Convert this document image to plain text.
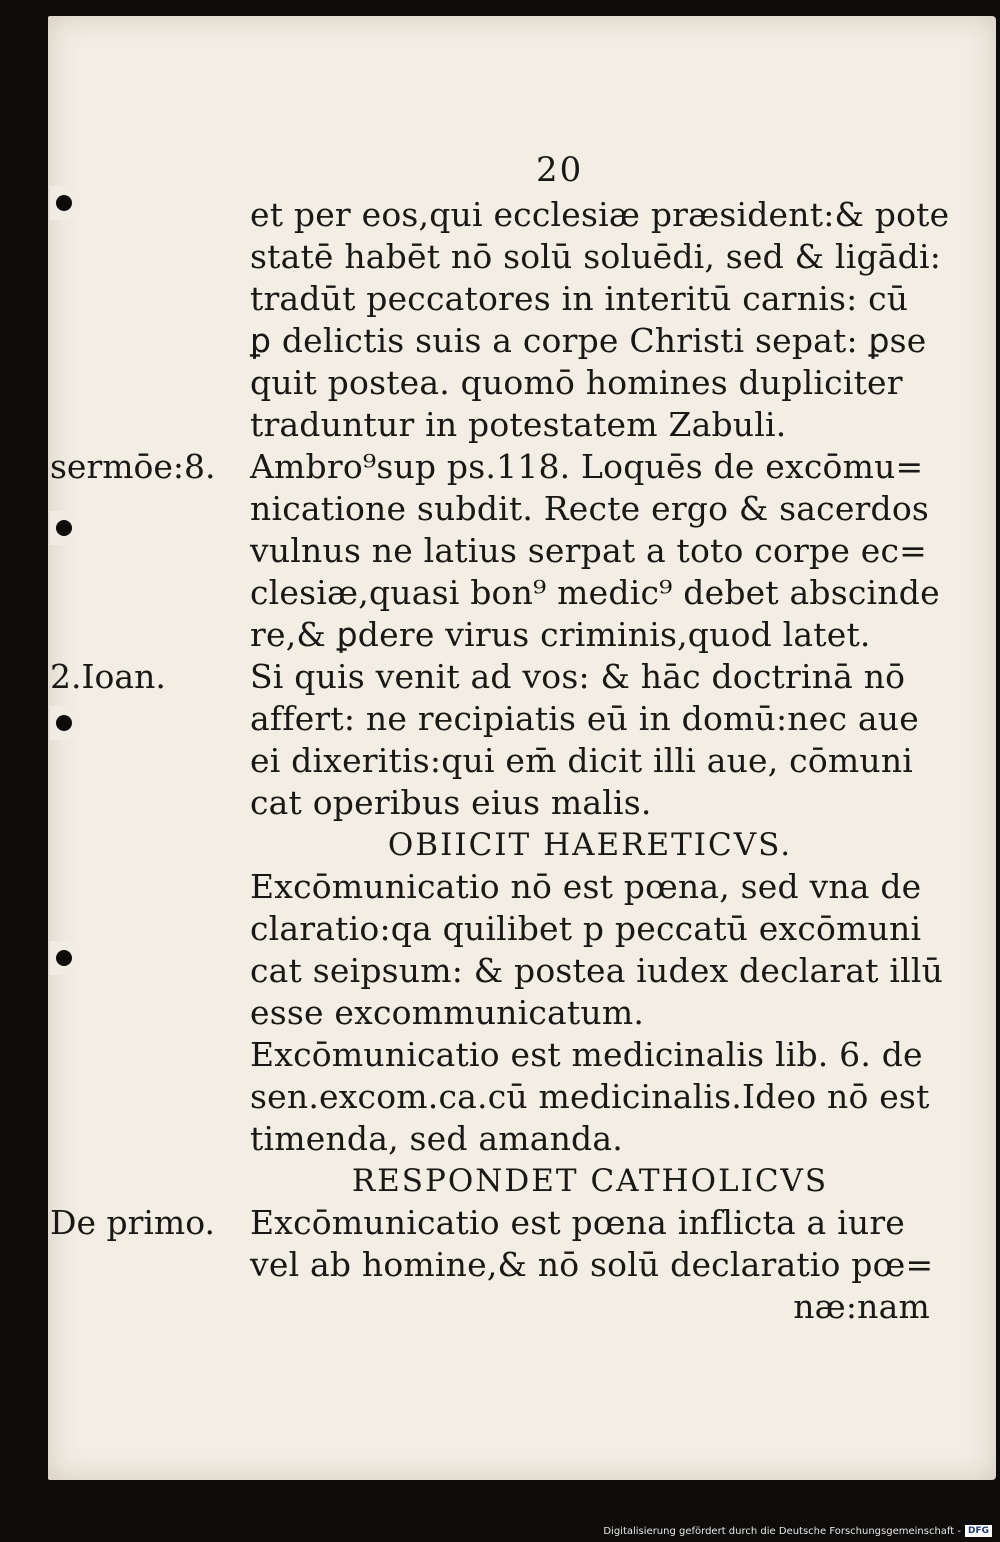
20
et per eos,qui ecclesiæ præsident:& pote
statē habēt nō solū soluēdi, sed & ligādi:
tradūt peccatores in interitū carnis: cū
ꝑ delictis suis a corpe Christi sepat: ꝑse
quit postea. quomō homines dupliciter
traduntur in potestatem Zabuli.
Ambro⁹sup ps.118. Loquēs de excōmu=
nicatione subdit. Recte ergo & sacerdos
vulnus ne latius serpat a toto corpe ec=
clesiæ,quasi bon⁹ medic⁹ debet abscinde
re,& ꝑdere virus criminis,quod latet.
Si quis venit ad vos: & hāc doctrinā nō
affert: ne recipiatis eū in domū:nec aue
ei dixeritis:qui em̄ dicit illi aue, cōmuni
cat operibus eius malis.
OBIICIT HAERETICVS.
Excōmunicatio nō est pœna, sed vna de
claratio:qa quilibet p peccatū excōmuni
cat seipsum: & postea iudex declarat illū
esse excommunicatum.
Excōmunicatio est medicinalis lib. 6. de
sen.excom.ca.cū medicinalis.Ideo nō est
timenda, sed amanda.
RESPONDET CATHOLICVS
Excōmunicatio est pœna inflicta a iure
vel ab homine,& nō solū declaratio pœ=
næ:nam
sermōe:8.
2.Ioan.
De primo.
Digitalisierung gefördert durch die Deutsche Forschungsgemeinschaft - DFG
